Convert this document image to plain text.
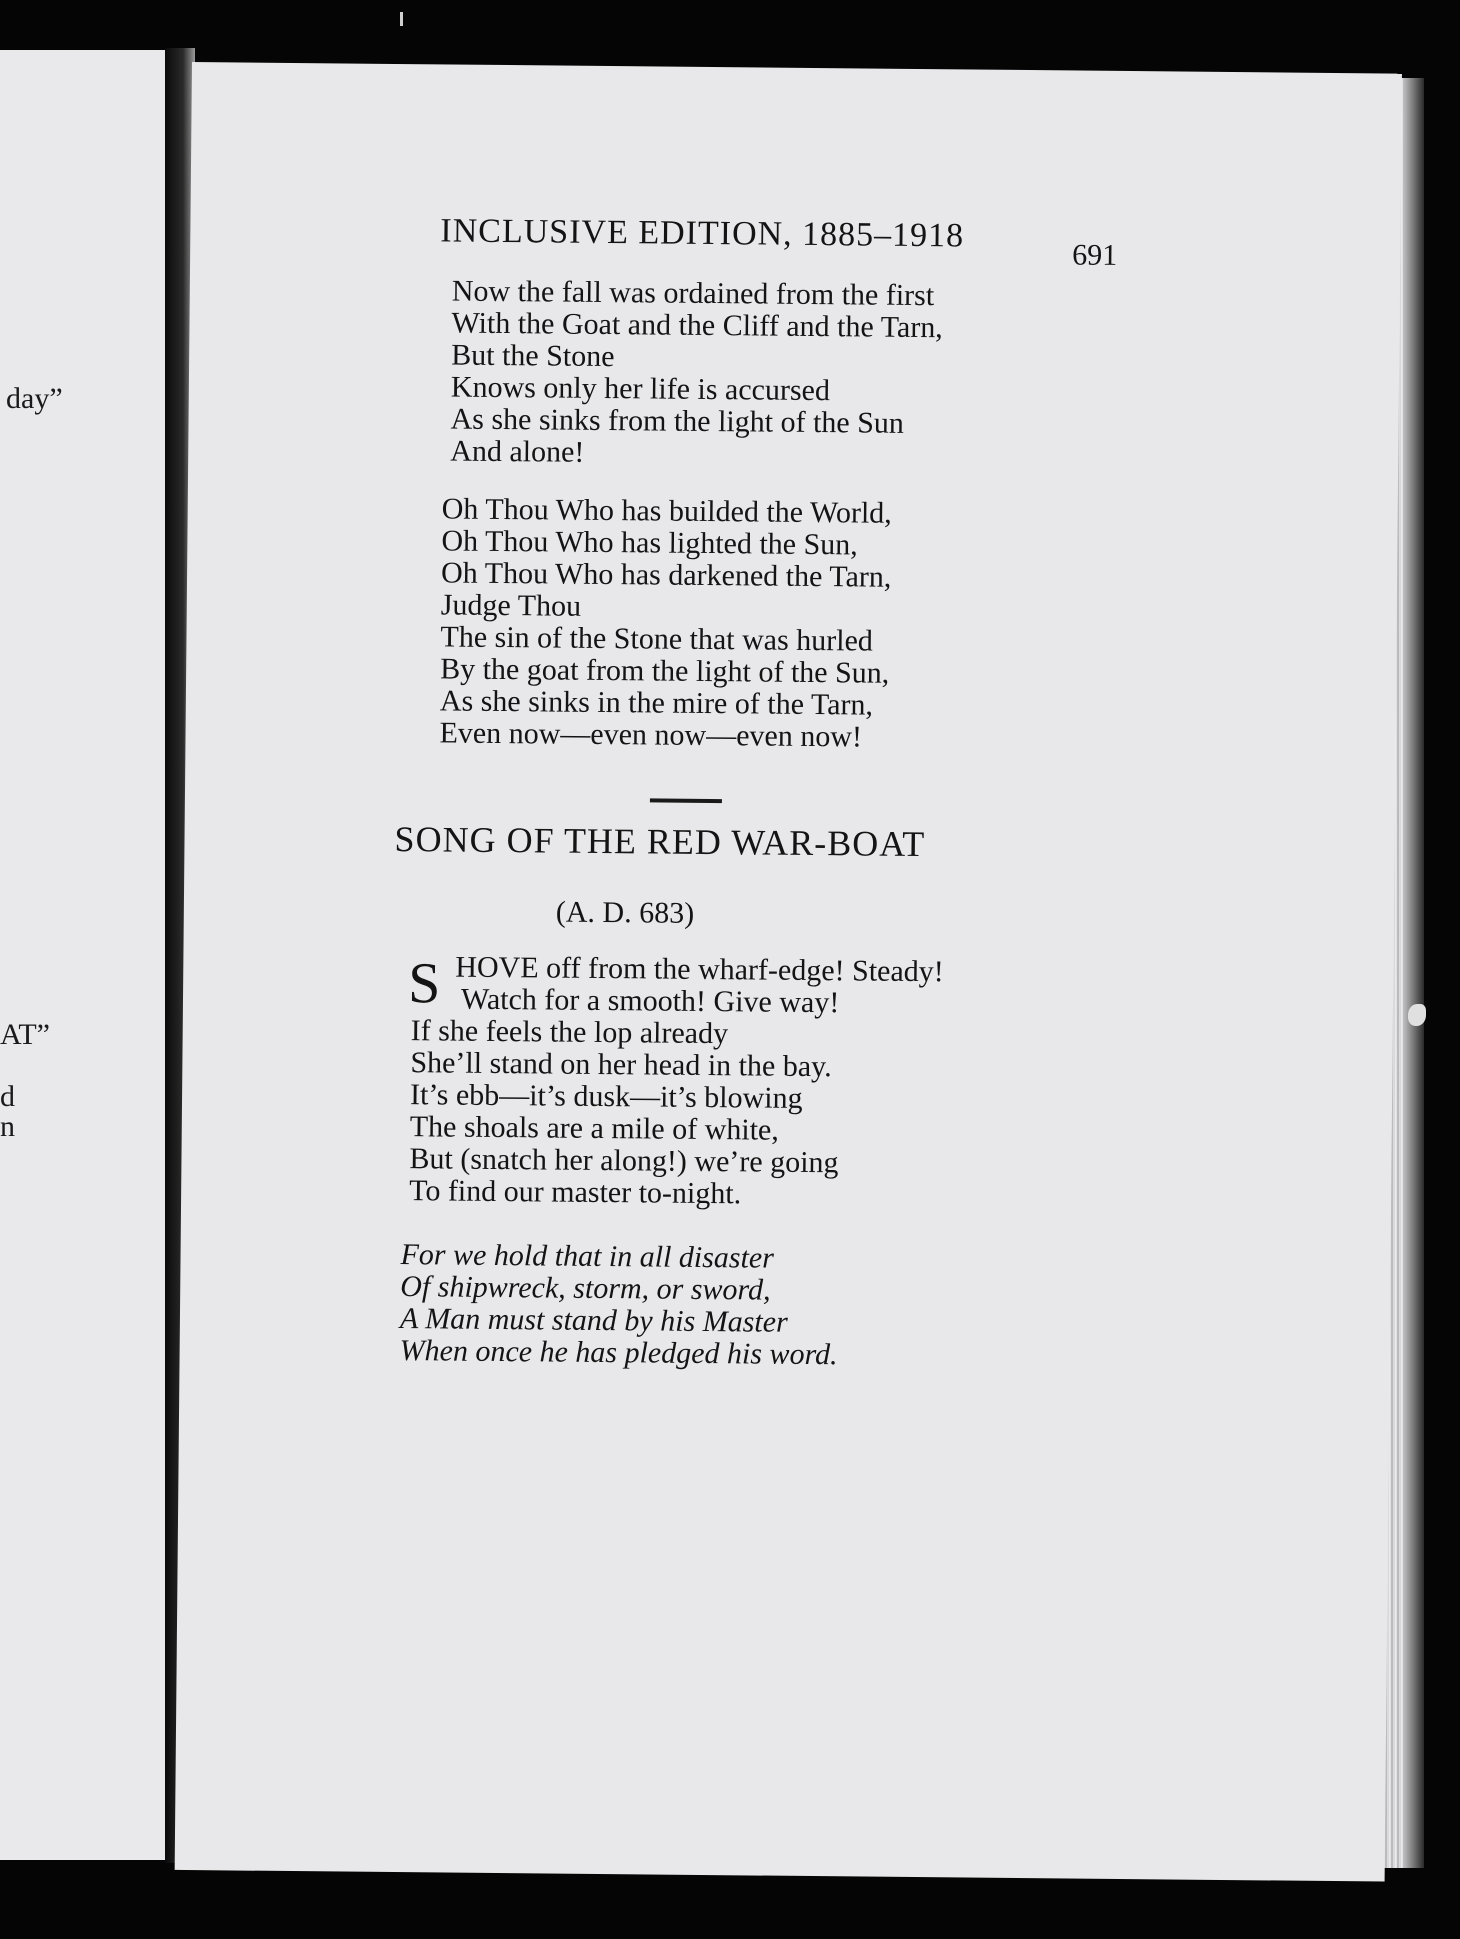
day”
AT”
d
n
INCLUSIVE EDITION, 1885–1918
691
Now the fall was ordained from the first
With the Goat and the Cliff and the Tarn,
But the Stone
Knows only her life is accursed
As she sinks from the light of the Sun
And alone!
Oh Thou Who has builded the World,
Oh Thou Who has lighted the Sun,
Oh Thou Who has darkened the Tarn,
Judge Thou
The sin of the Stone that was hurled
By the goat from the light of the Sun,
As she sinks in the mire of the Tarn,
Even now—even now—even now!
SONG OF THE RED WAR-BOAT
(A. D. 683)
S HOVE off from the wharf-edge! Steady!
Watch for a smooth! Give way!
If she feels the lop already
She’ll stand on her head in the bay.
It’s ebb—it’s dusk—it’s blowing
The shoals are a mile of white,
But (snatch her along!) we’re going
To find our master to-night.
For we hold that in all disaster
Of shipwreck, storm, or sword,
A Man must stand by his Master
When once he has pledged his word.
